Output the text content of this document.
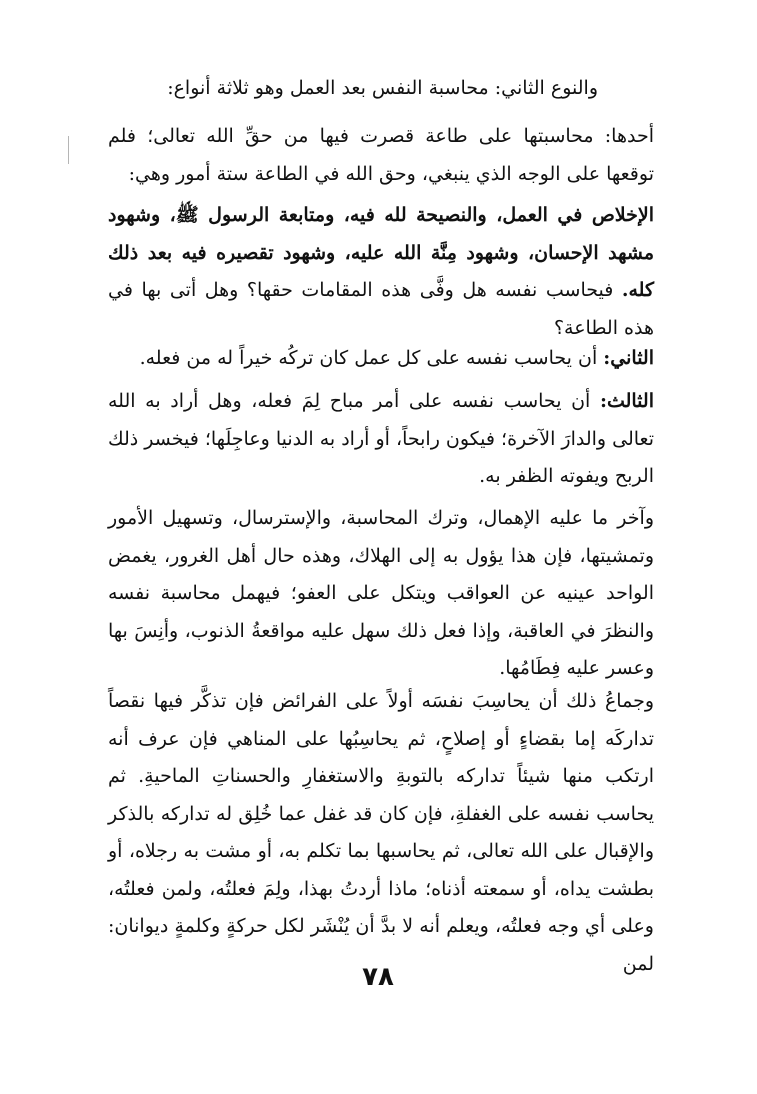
والنوع الثاني: محاسبة النفس بعد العمل وهو ثلاثة أنواع:

أحدها: محاسبتها على طاعة قصرت فيها من حقِّ الله تعالى؛ فلم توقعها على الوجه الذي ينبغي، وحق الله في الطاعة ستة أمور وهي:

الإخلاص في العمل، والنصيحة لله فيه، ومتابعة الرسول ﷺ، وشهود مشهد الإحسان، وشهود مِنَّة الله عليه، وشهود تقصيره فيه بعد ذلك كله. فيحاسب نفسه هل وفَّى هذه المقامات حقها؟ وهل أتى بها في هذه الطاعة؟

الثاني: أن يحاسب نفسه على كل عمل كان تركُه خيراً له من فعله.

الثالث: أن يحاسب نفسه على أمر مباح لِمَ فعله، وهل أراد به الله تعالى والدارَ الآخرة؛ فيكون رابحاً، أو أراد به الدنيا وعاجِلَها؛ فيخسر ذلك الربح ويفوته الظفر به.

وآخر ما عليه الإهمال، وترك المحاسبة، والإسترسال، وتسهيل الأمور وتمشيتها، فإن هذا يؤول به إلى الهلاك، وهذه حال أهل الغرور، يغمض الواحد عينيه عن العواقب ويتكل على العفو؛ فيهمل محاسبة نفسه والنظرَ في العاقبة، وإذا فعل ذلك سهل عليه مواقعةُ الذنوب، وأنِسَ بها وعسر عليه فِطَامُها.

وجماعُ ذلك أن يحاسِبَ نفسَه أولاً على الفرائض فإن تذكَّر فيها نقصاً تداركَه إما بقضاءٍ أو إصلاحٍ، ثم يحاسِبُها على المناهي فإن عرف أنه ارتكب منها شيئاً تداركه بالتوبةِ والاستغفارِ والحسناتِ الماحيةِ. ثم يحاسب نفسه على الغفلةِ، فإن كان قد غفل عما خُلِق له تداركه بالذكر والإقبال على الله تعالى، ثم يحاسبها بما تكلم به، أو مشت به رجلاه، أو بطشت يداه، أو سمعته أذناه؛ ماذا أردتُ بهذا، ولِمَ فعلتُه، ولمن فعلتُه، وعلى أي وجه فعلتُه، ويعلم أنه لا بدَّ أن يُنْشَر لكل حركةٍ وكلمةٍ ديوانان: لمن

٧٨
